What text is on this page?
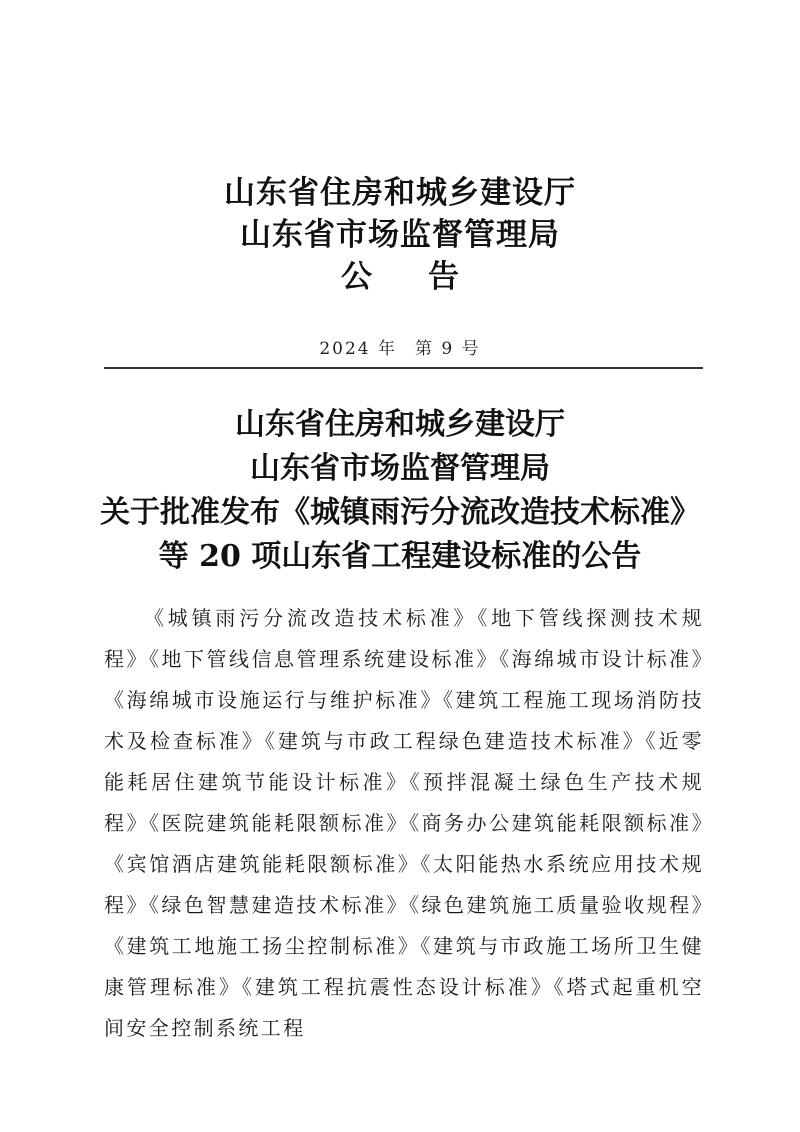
山东省住房和城乡建设厅
山东省市场监督管理局
公 告
2024 年 第 9 号
山东省住房和城乡建设厅
山东省市场监督管理局
关于批准发布《城镇雨污分流改造技术标准》
等 20 项山东省工程建设标准的公告
《城镇雨污分流改造技术标准》《地下管线探测技术规程》《地下管线信息管理系统建设标准》《海绵城市设计标准》《海绵城市设施运行与维护标准》《建筑工程施工现场消防技术及检查标准》《建筑与市政工程绿色建造技术标准》《近零能耗居住建筑节能设计标准》《预拌混凝土绿色生产技术规程》《医院建筑能耗限额标准》《商务办公建筑能耗限额标准》《宾馆酒店建筑能耗限额标准》《太阳能热水系统应用技术规程》《绿色智慧建造技术标准》《绿色建筑施工质量验收规程》《建筑工地施工扬尘控制标准》《建筑与市政施工场所卫生健康管理标准》《建筑工程抗震性态设计标准》《塔式起重机空间安全控制系统工程
